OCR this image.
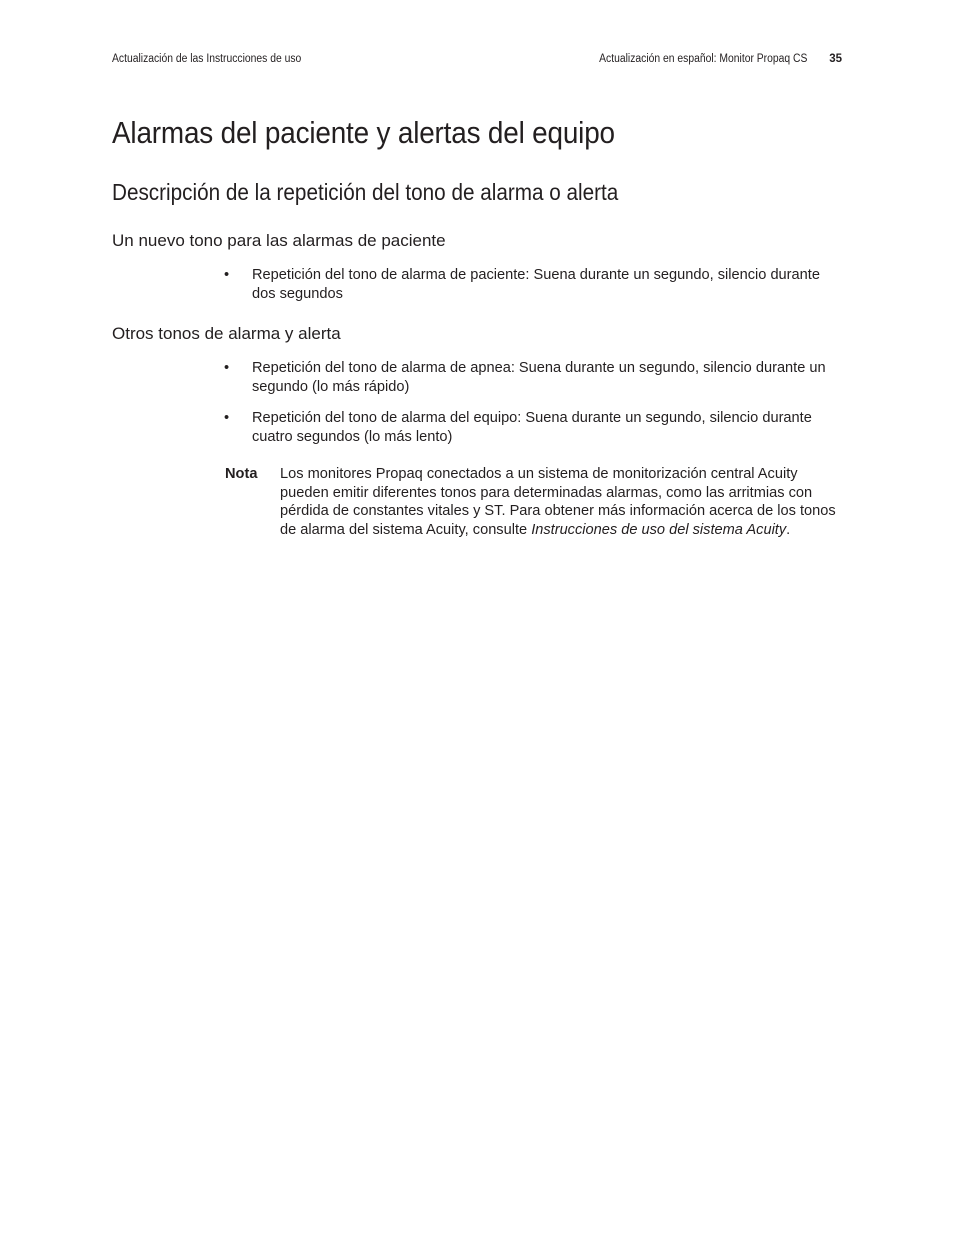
Actualización de las Instrucciones de uso	Actualización en español: Monitor Propaq CS 35
Alarmas del paciente y alertas del equipo
Descripción de la repetición del tono de alarma o alerta
Un nuevo tono para las alarmas de paciente
• Repetición del tono de alarma de paciente: Suena durante un segundo, silencio durante dos segundos
Otros tonos de alarma y alerta
• Repetición del tono de alarma de apnea: Suena durante un segundo, silencio durante un segundo (lo más rápido)
• Repetición del tono de alarma del equipo: Suena durante un segundo, silencio durante cuatro segundos (lo más lento)
Nota Los monitores Propaq conectados a un sistema de monitorización central Acuity pueden emitir diferentes tonos para determinadas alarmas, como las arritmias con pérdida de constantes vitales y ST. Para obtener más información acerca de los tonos de alarma del sistema Acuity, consulte Instrucciones de uso del sistema Acuity.
